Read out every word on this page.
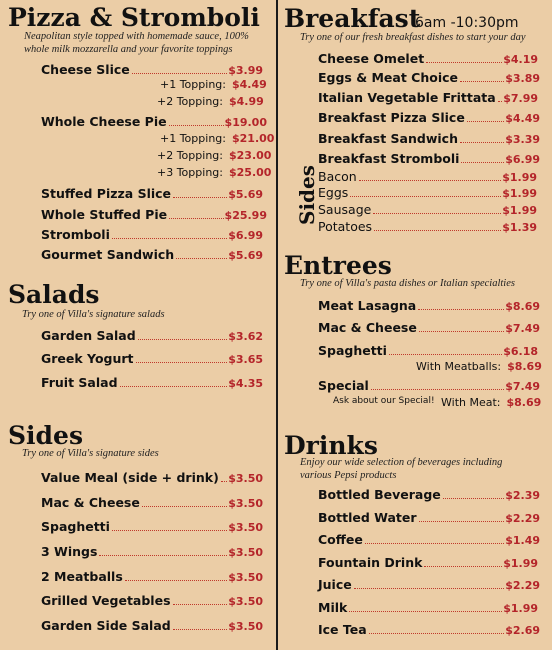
Pizza & Stromboli
Neapolitan style topped with homemade sauce, 100% whole milk mozzarella and your favorite toppings
Cheese Slice	$3.99
+1 Topping: $4.49
+2 Topping: $4.99
Whole Cheese Pie	$19.00
+1 Topping: $21.00
+2 Topping: $23.00
+3 Topping: $25.00
Stuffed Pizza Slice	$5.69
Whole Stuffed Pie	$25.99
Stromboli	$6.99
Gourmet Sandwich	$5.69
Salads
Try one of Villa's signature salads
Garden Salad	$3.62
Greek Yogurt	$3.65
Fruit Salad	$4.35
Sides
Try one of Villa's signature sides
Value Meal (side + drink) $3.50
Mac & Cheese	$3.50
Spaghetti	$3.50
3 Wings	$3.50
2 Meatballs	$3.50
Grilled Vegetables	$3.50
Garden Side Salad	$3.50
Breakfast
6am -10:30pm
Try one of our fresh breakfast dishes to start your day
Cheese Omelet	$4.19
Eggs & Meat Choice	$3.89
Italian Vegetable Frittata $7.99
Breakfast Pizza Slice	$4.49
Breakfast Sandwich	$3.39
Breakfast Stromboli	$6.99
Sides Bacon	$1.99
Eggs	$1.99
Sausage	$1.99
Potatoes	$1.39
Entrees
Try one of Villa's pasta dishes or Italian specialties
Meat Lasagna	$8.69
Mac & Cheese	$7.49
Spaghetti	$6.18
With Meatballs: $8.69
Special	$7.49
Ask about our Special! With Meat: $8.69
Drinks
Enjoy our wide selection of beverages including various Pepsi products
Bottled Beverage	$2.39
Bottled Water	$2.29
Coffee	$1.49
Fountain Drink	$1.99
Juice	$2.29
Milk	$1.99
Ice Tea	$2.69
